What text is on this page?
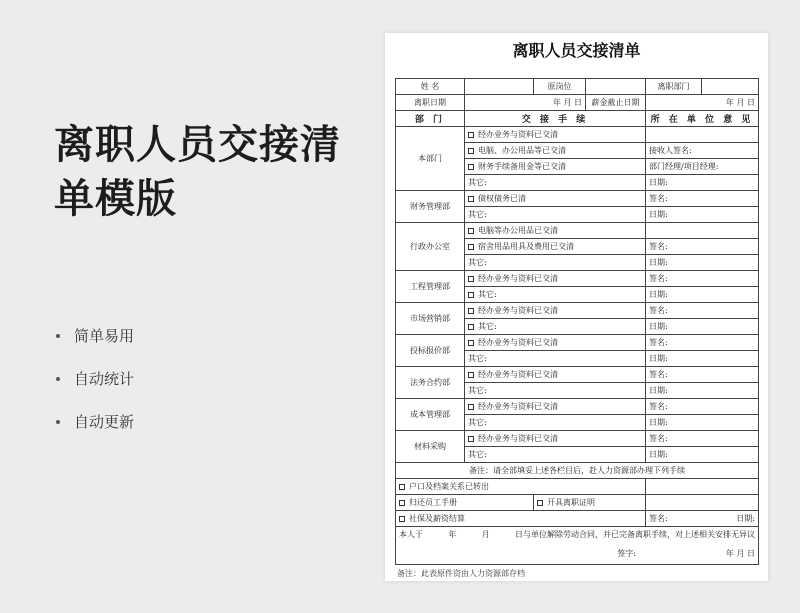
离职人员交接清单模版
简单易用
自动统计
自动更新
离职人员交接清单
姓 名		原岗位		离职部门	
离职日期	年 月 日		薪金截止日期	年 月 日	
部 门	交 接 手 续			所 在 单 位 意 见	
本部门	经办业务与资料已交清				
	电脑、办公用品等已交清			接收人签名:	
	财务手续备用金等已交清			部门经理/项目经理:	
	其它:			日期:	
财务管理部	债权债务已清			签名:	
	其它:			日期:	
行政办公室	电脑等办公用品已交清				
	宿舍用品用具及费用已交清			签名:	
	其它:			日期:	
工程管理部	经办业务与资料已交清			签名:	
	其它:			日期:	
市场营销部	经办业务与资料已交清			签名:	
	其它:			日期:	
投标报价部	经办业务与资料已交清			签名:	
	其它:			日期:	
法务合约部	经办业务与资料已交清			签名:	
	其它:			日期:	
成本管理部	经办业务与资料已交清			签名:	
	其它:			日期:	
材料采购	经办业务与资料已交清			签名:	
	其它:			日期:	
备注：请全部填妥上述各栏目后，赴人力资源部办理下列手续					
户口及档案关系已转出					
归还员工手册		开具离职证明			
社保及薪资结算				签名: 日期:	

本人于 年 月 日与单位解除劳动合同，并已完备离职手续，对上述相关安排无异议					

签字: 年 月 日					
备注：此表原件资由人力资源部存档
